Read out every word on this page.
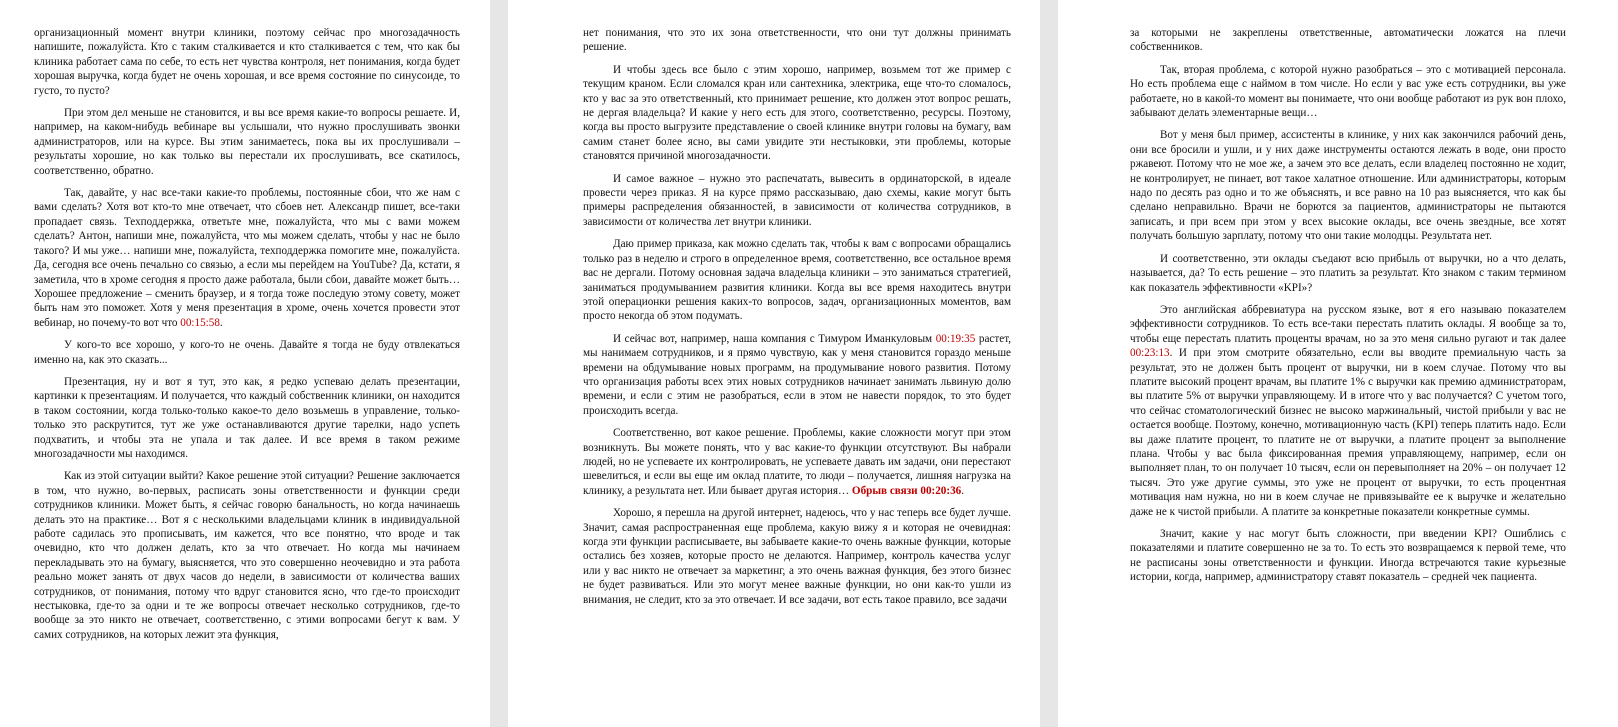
организационный момент внутри клиники, поэтому сейчас про многозадачность напишите, пожалуйста. Кто с таким сталкивается и кто сталкивается с тем, что как бы клиника работает сама по себе, то есть нет чувства контроля, нет понимания, когда будет хорошая выручка, когда будет не очень хорошая, и все время состояние по синусоиде, то густо, то пусто?

При этом дел меньше не становится, и вы все время какие-то вопросы решаете. И, например, на каком-нибудь вебинаре вы услышали, что нужно прослушивать звонки администраторов, или на курсе. Вы этим занимаетесь, пока вы их прослушивали – результаты хорошие, но как только вы перестали их прослушивать, все скатилось, соответственно, обратно.

Так, давайте, у нас все-таки какие-то проблемы, постоянные сбои, что же нам с вами сделать? Хотя вот кто-то мне отвечает, что сбоев нет. Александр пишет, все-таки пропадает связь. Техподдержка, ответьте мне, пожалуйста, что мы с вами можем сделать? Антон, напиши мне, пожалуйста, что мы можем сделать, чтобы у нас не было такого? И мы уже… напиши мне, пожалуйста, техподдержка помогите мне, пожалуйста. Да, сегодня все очень печально со связью, а если мы перейдем на YouTube? Да, кстати, я заметила, что в хроме сегодня я просто даже работала, были сбои, давайте может быть… Хорошее предложение – сменить браузер, и я тогда тоже последую этому совету, может быть нам это поможет. Хотя у меня презентация в хроме, очень хочется провести этот вебинар, но почему-то вот что 00:15:58.

У кого-то все хорошо, у кого-то не очень. Давайте я тогда не буду отвлекаться именно на, как это сказать...

Презентация, ну и вот я тут, это как, я редко успеваю делать презентации, картинки к презентациям. И получается, что каждый собственник клиники, он находится в таком состоянии, когда только-только какое-то дело возьмешь в управление, только-только это раскрутится, тут же уже останавливаются другие тарелки, надо успеть подхватить, и чтобы эта не упала и так далее. И все время в таком режиме многозадачности мы находимся.

Как из этой ситуации выйти? Какое решение этой ситуации? Решение заключается в том, что нужно, во-первых, расписать зоны ответственности и функции среди сотрудников клиники. Может быть, я сейчас говорю банальность, но когда начинаешь делать это на практике… Вот я с несколькими владельцами клиник в индивидуальной работе садилась это прописывать, им кажется, что все понятно, что вроде и так очевидно, кто что должен делать, кто за что отвечает. Но когда мы начинаем перекладывать это на бумагу, выясняется, что это совершенно неочевидно и эта работа реально может занять от двух часов до недели, в зависимости от количества ваших сотрудников, от понимания, потому что вдруг становится ясно, что где-то происходит нестыковка, где-то за одни и те же вопросы отвечает несколько сотрудников, где-то вообще за это никто не отвечает, соответственно, с этими вопросами бегут к вам. У самих сотрудников, на которых лежит эта функция,

нет понимания, что это их зона ответственности, что они тут должны принимать решение.

И чтобы здесь все было с этим хорошо, например, возьмем тот же пример с текущим краном. Если сломался кран или сантехника, электрика, еще что-то сломалось, кто у вас за это ответственный, кто принимает решение, кто должен этот вопрос решать, не дергая владельца? И какие у него есть для этого, соответственно, ресурсы. Поэтому, когда вы просто выгрузите представление о своей клинике внутри головы на бумагу, вам самим станет более ясно, вы сами увидите эти нестыковки, эти проблемы, которые становятся причиной многозадачности.

И самое важное – нужно это распечатать, вывесить в ординаторской, в идеале провести через приказ. Я на курсе прямо рассказываю, даю схемы, какие могут быть примеры распределения обязанностей, в зависимости от количества сотрудников, в зависимости от количества лет внутри клиники.

Даю пример приказа, как можно сделать так, чтобы к вам с вопросами обращались только раз в неделю и строго в определенное время, соответственно, все остальное время вас не дергали. Потому основная задача владельца клиники – это заниматься стратегией, заниматься продумыванием развития клиники. Когда вы все время находитесь внутри этой операционки решения каких-то вопросов, задач, организационных моментов, вам просто некогда об этом подумать.

И сейчас вот, например, наша компания с Тимуром Иманкуловым 00:19:35 растет, мы нанимаем сотрудников, и я прямо чувствую, как у меня становится гораздо меньше времени на обдумывание новых программ, на продумывание нового развития. Потому что организация работы всех этих новых сотрудников начинает занимать львиную долю времени, и если с этим не разобраться, если в этом не навести порядок, то это будет происходить всегда.

Соответственно, вот какое решение. Проблемы, какие сложности могут при этом возникнуть. Вы можете понять, что у вас какие-то функции отсутствуют. Вы набрали людей, но не успеваете их контролировать, не успеваете давать им задачи, они перестают шевелиться, и если вы еще им оклад платите, то люди – получается, лишняя нагрузка на клинику, а результата нет. Или бывает другая история… Обрыв связи 00:20:36.

Хорошо, я перешла на другой интернет, надеюсь, что у нас теперь все будет лучше. Значит, самая распространенная еще проблема, какую вижу я и которая не очевидная: когда эти функции расписываете, вы забываете какие-то очень важные функции, которые остались без хозяев, которые просто не делаются. Например, контроль качества услуг или у вас никто не отвечает за маркетинг, а это очень важная функция, без этого бизнес не будет развиваться. Или это могут менее важные функции, но они как-то ушли из внимания, не следит, кто за это отвечает. И все задачи, вот есть такое правило, все задачи

за которыми не закреплены ответственные, автоматически ложатся на плечи собственников.

Так, вторая проблема, с которой нужно разобраться – это с мотивацией персонала. Но есть проблема еще с наймом в том числе. Но если у вас уже есть сотрудники, вы уже работаете, но в какой-то момент вы понимаете, что они вообще работают из рук вон плохо, забывают делать элементарные вещи…

Вот у меня был пример, ассистенты в клинике, у них как закончился рабочий день, они все бросили и ушли, и у них даже инструменты остаются лежать в воде, они просто ржавеют. Потому что не мое же, а зачем это все делать, если владелец постоянно не ходит, не контролирует, не пинает, вот такое халатное отношение. Или администраторы, которым надо по десять раз одно и то же объяснять, и все равно на 10 раз выясняется, что как бы сделано неправильно. Врачи не борются за пациентов, администраторы не пытаются записать, и при всем при этом у всех высокие оклады, все очень звездные, все хотят получать большую зарплату, потому что они такие молодцы. Результата нет.

И соответственно, эти оклады съедают всю прибыль от выручки, но а что делать, называется, да? То есть решение – это платить за результат. Кто знаком с таким термином как показатель эффективности «KPI»?

Это английская аббревиатура на русском языке, вот я его называю показателем эффективности сотрудников. То есть все-таки перестать платить оклады. Я вообще за то, чтобы еще перестать платить проценты врачам, но за это меня сильно ругают и так далее 00:23:13. И при этом смотрите обязательно, если вы вводите премиальную часть за результат, это не должен быть процент от выручки, ни в коем случае. Потому что вы платите высокий процент врачам, вы платите 1% с выручки как премию администраторам, вы платите 5% от выручки управляющему. И в итоге что у вас получается? С учетом того, что сейчас стоматологический бизнес не высоко маржинальный, чистой прибыли у вас не остается вообще. Поэтому, конечно, мотивационную часть (KPI) теперь платить надо. Если вы даже платите процент, то платите не от выручки, а платите процент за выполнение плана. Чтобы у вас была фиксированная премия управляющему, например, если он выполняет план, то он получает 10 тысяч, если он перевыполняет на 20% – он получает 12 тысяч. Это уже другие суммы, это уже не процент от выручки, то есть процентная мотивация нам нужна, но ни в коем случае не привязывайте ее к выручке и желательно даже не к чистой прибыли. А платите за конкретные показатели конкретные суммы.

Значит, какие у нас могут быть сложности, при введении KPI? Ошиблись с показателями и платите совершенно не за то. То есть это возвращаемся к первой теме, что не расписаны зоны ответственности и функции. Иногда встречаются такие курьезные истории, когда, например, администратору ставят показатель – средней чек пациента.
